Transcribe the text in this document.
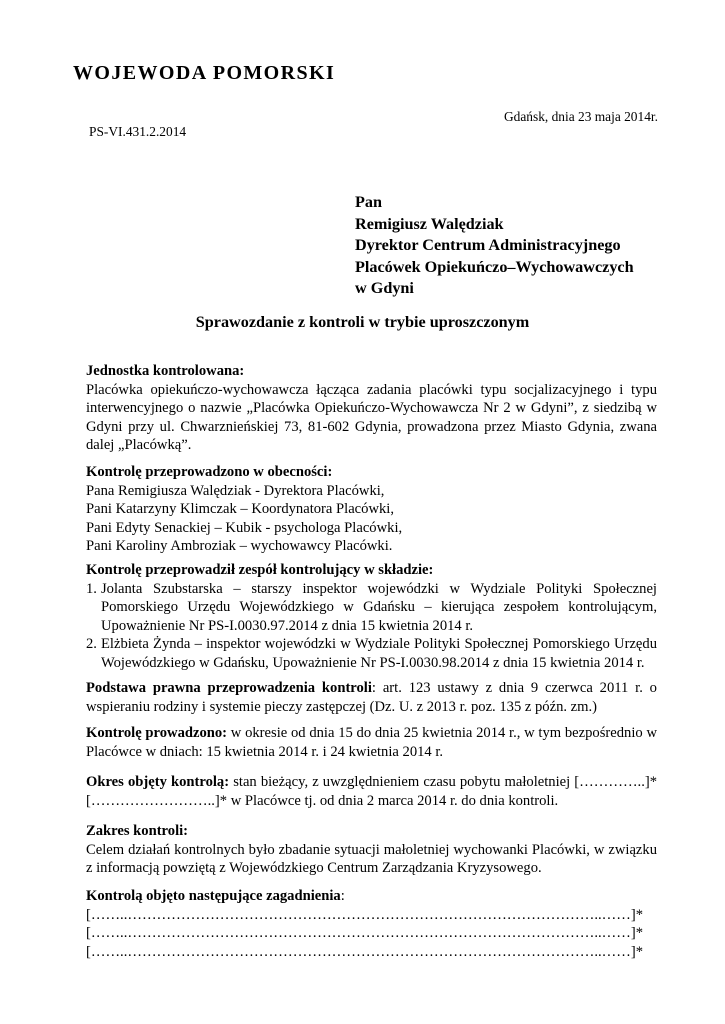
WOJEWODA POMORSKI
Gdańsk, dnia 23 maja 2014r.
PS-VI.431.2.2014
Pan
Remigiusz Walędziak
Dyrektor Centrum Administracyjnego
Placówek Opiekuńczo–Wychowawczych
w Gdyni
Sprawozdanie z kontroli w trybie uproszczonym

Jednostka kontrolowana:

Placówka opiekuńczo-wychowawcza łącząca zadania placówki typu socjalizacyjnego i typu interwencyjnego o nazwie „Placówka Opiekuńczo-Wychowawcza Nr 2 w Gdyni”, z siedzibą w Gdyni przy ul. Chwarznieńskiej 73, 81-602 Gdynia, prowadzona przez Miasto Gdynia, zwana dalej „Placówką”.

Kontrolę przeprowadzono w obecności:

Pana Remigiusza Walędziak - Dyrektora Placówki,

Pani Katarzyny Klimczak – Koordynatora Placówki,

Pani Edyty Senackiej – Kubik - psychologa Placówki,

Pani Karoliny Ambroziak – wychowawcy Placówki.

Kontrolę przeprowadził zespół kontrolujący w składzie:

1. Jolanta Szubstarska – starszy inspektor wojewódzki w Wydziale Polityki Społecznej Pomorskiego Urzędu Wojewódzkiego w Gdańsku – kierująca zespołem kontrolującym, Upoważnienie Nr PS-I.0030.97.2014 z dnia 15 kwietnia 2014 r.
2. Elżbieta Żynda – inspektor wojewódzki w Wydziale Polityki Społecznej Pomorskiego Urzędu Wojewódzkiego w Gdańsku, Upoważnienie Nr PS-I.0030.98.2014 z dnia 15 kwietnia 2014 r.

Podstawa prawna przeprowadzenia kontroli: art. 123 ustawy z dnia 9 czerwca 2011 r. o wspieraniu rodziny i systemie pieczy zastępczej (Dz. U. z 2013 r. poz. 135 z późn. zm.)

Kontrolę prowadzono: w okresie od dnia 15 do dnia 25 kwietnia 2014 r., w tym bezpośrednio w Placówce w dniach: 15 kwietnia 2014 r. i 24 kwietnia 2014 r.

Okres objęty kontrolą: stan bieżący, z uwzględnieniem czasu pobytu małoletniej […………..]* [……………………..]* w Placówce tj. od dnia 2 marca 2014 r. do dnia kontroli.

Zakres kontroli:

Celem działań kontrolnych było zbadanie sytuacji małoletniej wychowanki Placówki, w związku z informacją powziętą z Wojewódzkiego Centrum Zarządzania Kryzysowego.

Kontrolą objęto następujące zagadnienia:

[……..……………………………………………………………………………………..……]*

[……..……………………………………………………………………………………..……]*

[……..……………………………………………………………………………………..……]*
